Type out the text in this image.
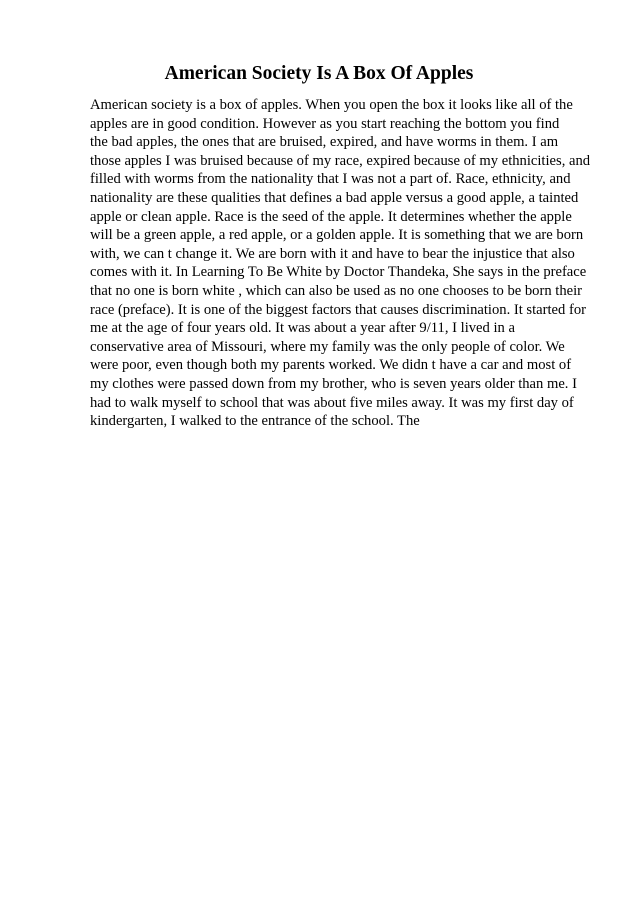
American Society Is A Box Of Apples
American society is a box of apples. When you open the box it looks like all of the
apples are in good condition. However as you start reaching the bottom you find
the bad apples, the ones that are bruised, expired, and have worms in them. I am
those apples I was bruised because of my race, expired because of my ethnicities, and
filled with worms from the nationality that I was not a part of. Race, ethnicity, and
nationality are these qualities that defines a bad apple versus a good apple, a tainted
apple or clean apple. Race is the seed of the apple. It determines whether the apple
will be a green apple, a red apple, or a golden apple. It is something that we are born
with, we can t change it. We are born with it and have to bear the injustice that also
comes with it. In Learning To Be White by Doctor Thandeka, She says in the preface
that no one is born white , which can also be used as no one chooses to be born their
race (preface). It is one of the biggest factors that causes discrimination. It started for
me at the age of four years old. It was about a year after 9/11, I lived in a
conservative area of Missouri, where my family was the only people of color. We
were poor, even though both my parents worked. We didn t have a car and most of
my clothes were passed down from my brother, who is seven years older than me. I
had to walk myself to school that was about five miles away. It was my first day of
kindergarten, I walked to the entrance of the school. The
